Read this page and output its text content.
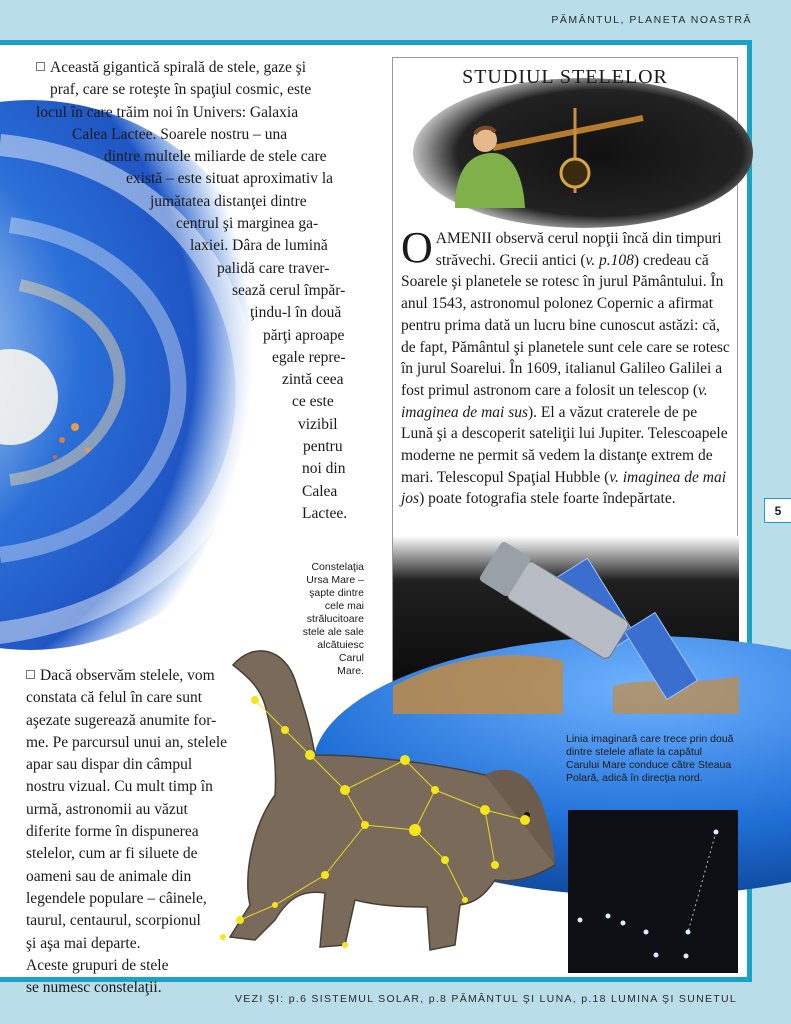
PĂMÂNTUL, PLANETA NOASTRĂ
Această gigantică spirală de stele, gaze şi
praf, care se roteşte în spaţiul cosmic, este
locul în care trăim noi în Univers: Galaxia
Calea Lactee. Soarele nostru – una
dintre multele miliarde de stele care
există – este situat aproximativ la
jumătatea distanţei dintre
centrul şi marginea ga-
laxiei. Dâra de lumină
palidă care traver-
sează cerul împăr-
ţindu-l în două
părţi aproape
egale repre-
zintă ceea
ce este
vizibil
pentru
noi din
Calea
Lactee.
STUDIUL STELELOR
OAMENII observă cerul nopţii încă din timpuri străvechi. Grecii antici (v. p.108) credeau că Soarele şi planetele se rotesc în jurul Pământului. În anul 1543, astronomul polonez Copernic a afirmat pentru prima dată un lucru bine cunoscut astăzi: că, de fapt, Pământul şi planetele sunt cele care se rotesc în jurul Soarelui. În 1609, italianul Galileo Galilei a fost primul astronom care a folosit un telescop (v. imaginea de mai sus). El a văzut craterele de pe Lună şi a descoperit sateliţii lui Jupiter. Telescoapele moderne ne permit să vedem la distanţe extrem de mari. Telescopul Spaţial Hubble (v. imaginea de mai jos) poate fotografia stele foarte îndepărtate.
Constelaţia
Ursa Mare –
şapte dintre
cele mai
strălucitoare
stele ale sale
alcătuiesc
Carul
Mare.
Dacă observăm stelele, vom
constata că felul în care sunt
aşezate sugerează anumite for-
me. Pe parcursul unui an, stelele
apar sau dispar din câmpul
nostru vizual. Cu mult timp în
urmă, astronomii au văzut
diferite forme în dispunerea
stelelor, cum ar fi siluete de
oameni sau de animale din
legendele populare – câinele,
taurul, centaurul, scorpionul
şi aşa mai departe.
Aceste grupuri de stele
se numesc constelaţii.
Linia imaginară care trece prin două dintre stelele aflate la capătul Carului Mare conduce către Steaua Polară, adică în direcţia nord.
5
VEZI ŞI: p.6 SISTEMUL SOLAR, p.8 PĂMÂNTUL ŞI LUNA, p.18 LUMINA ŞI SUNETUL
